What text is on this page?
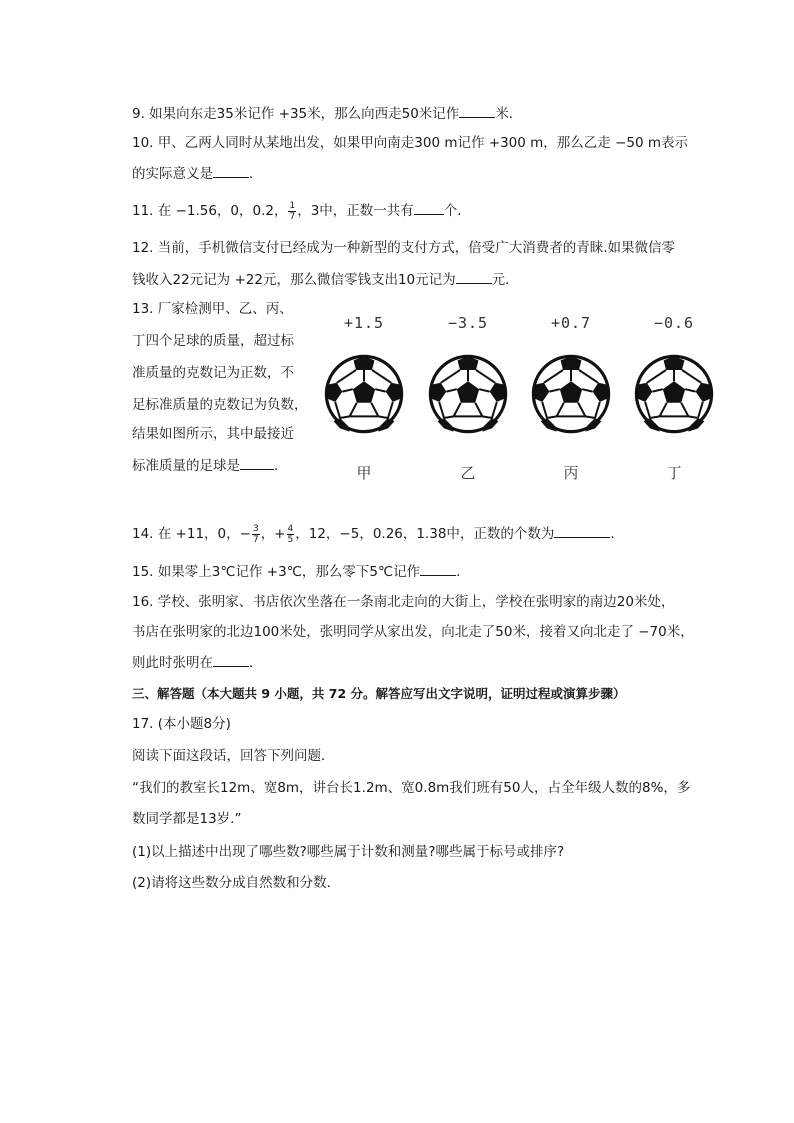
9. 如果向东走35米记作 +35米，那么向西走50米记作	米．
10. 甲、乙两人同时从某地出发，如果甲向南走300 m记作 +300 m，那么乙走 −50 m表示
的实际意义是	．
11. 在 −1.56，0，0.2， $\frac{1}{7}$ ，3中，正数一共有 个．
12. 当前，手机微信支付已经成为一种新型的支付方式，倍受广大消费者的青睐.如果微信零
钱收入22元记为 +22元，那么微信零钱支出10元记为	元．
13. 厂家检测甲、乙、丙、
丁四个足球的质量，超过标
准质量的克数记为正数，不
足标准质量的克数记为负数，
结果如图所示，其中最接近
标准质量的足球是	．
+1.5
甲
−3.5
乙
+0.7
丙
−0.6
丁
14. 在 +11，0，− $\frac{3}{7}$ ，+ $\frac{4}{5}$ ，12，−5，0.26，1.38中，正数的个数为	．
15. 如果零上3℃记作 +3℃，那么零下5℃记作	．
16. 学校、张明家、书店依次坐落在一条南北走向的大街上，学校在张明家的南边20米处，
书店在张明家的北边100米处，张明同学从家出发，向北走了50米，接着又向北走了 −70米，
则此时张明在	．
三、解答题（本大题共 9 小题，共 72 分。解答应写出文字说明，证明过程或演算步骤）
17. (本小题8分)
阅读下面这段话，回答下列问题．
“我们的教室长12m、宽8m，讲台长1.2m、宽0.8m我们班有50人，占全年级人数的8%，多
数同学都是13岁.”
(1)以上描述中出现了哪些数?哪些属于计数和测量?哪些属于标号或排序?
(2)请将这些数分成自然数和分数．
